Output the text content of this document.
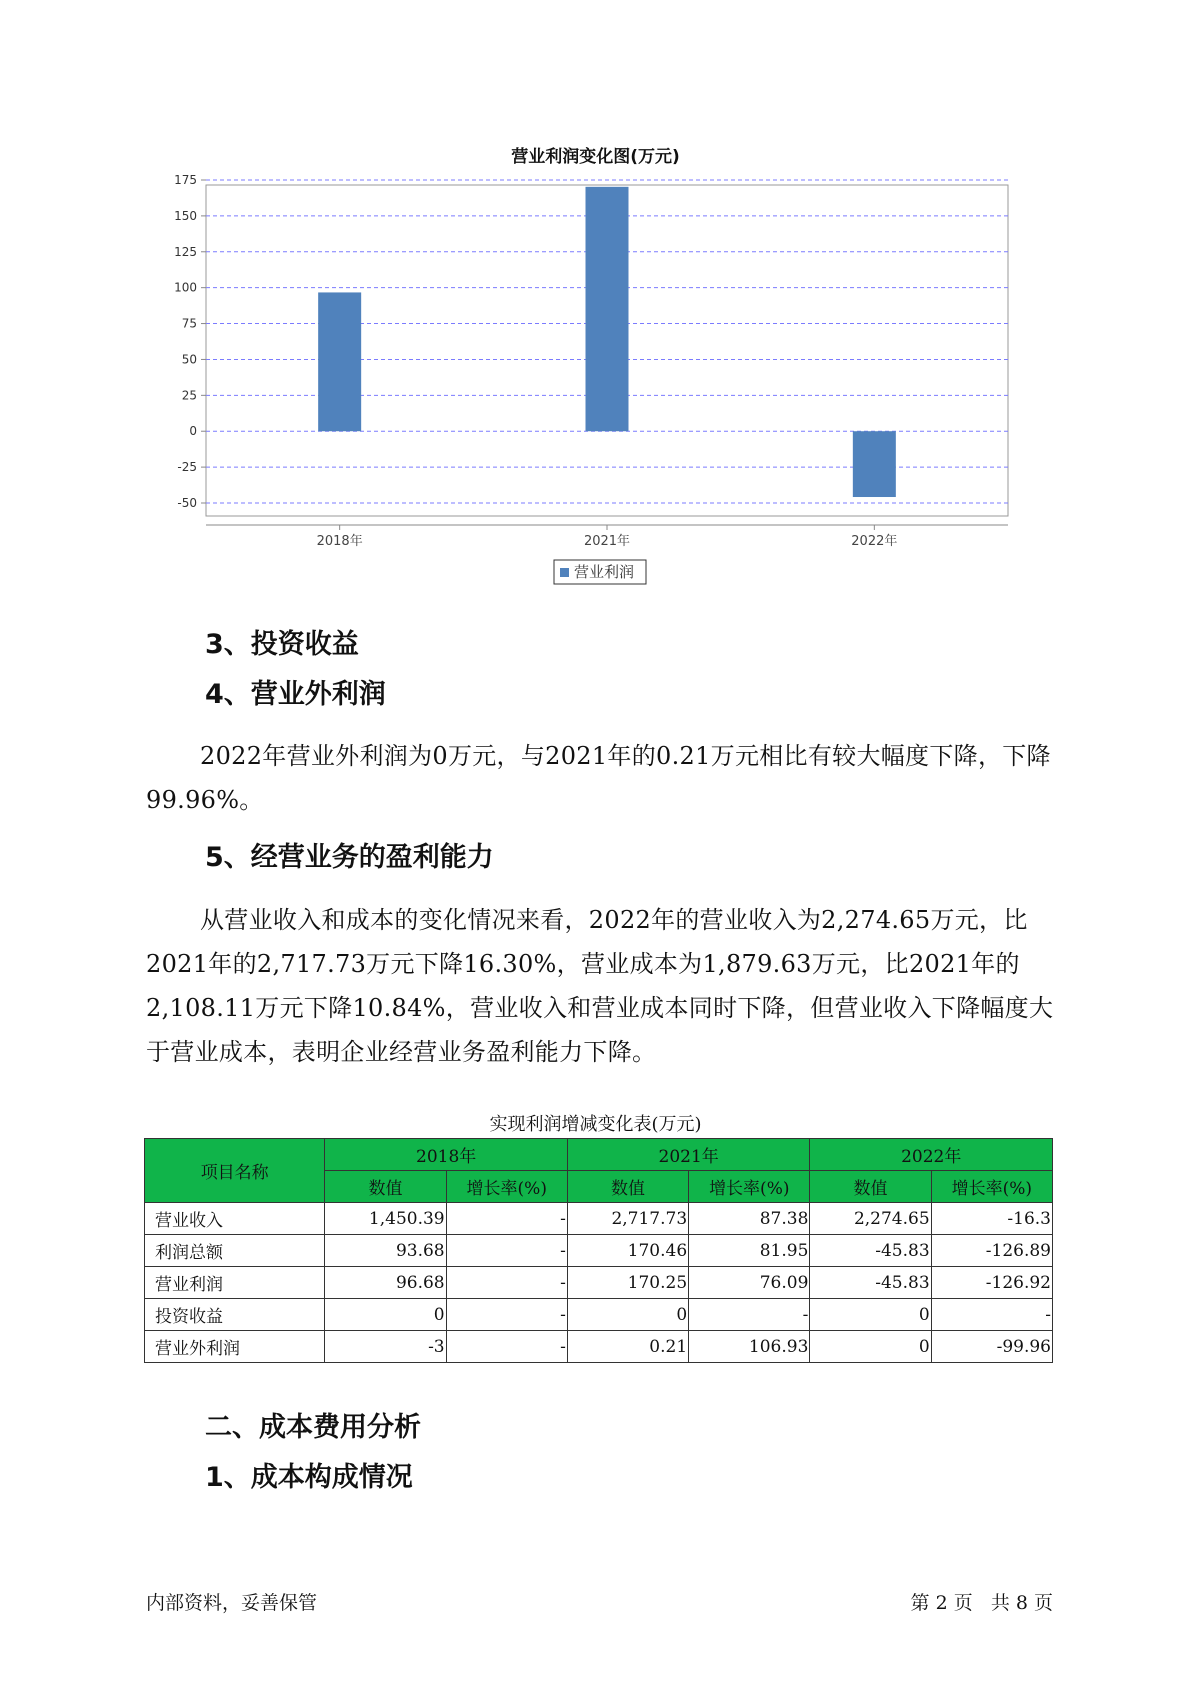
营业利润变化图(万元)
175
150
125
100
75
50
25
0
-25
-50
2018年	2021年	2022年
营业利润
3、投资收益
4、营业外利润
2022年营业外利润为0万元，与2021年的0.21万元相比有较大幅度下降，下降99.96%。
5、经营业务的盈利能力
从营业收入和成本的变化情况来看，2022年的营业收入为2,274.65万元，比2021年的2,717.73万元下降16.30%，营业成本为1,879.63万元，比2021年的2,108.11万元下降10.84%，营业收入和营业成本同时下降，但营业收入下降幅度大于营业成本，表明企业经营业务盈利能力下降。
实现利润增减变化表(万元)
项目名称	2018年		2021年		2022年	
	数值	增长率(%)	数值	增长率(%)	数值	增长率(%)
营业收入	1,450.39	-	2,717.73	87.38	2,274.65	-16.3
利润总额	93.68	-	170.46	81.95	-45.83	-126.89
营业利润	96.68	-	170.25	76.09	-45.83	-126.92
投资收益	0	-	0	-	0	-
营业外利润	-3	-	0.21	106.93	0	-99.96
二、成本费用分析
1、成本构成情况
内部资料，妥善保管	第 2 页 共 8 页
